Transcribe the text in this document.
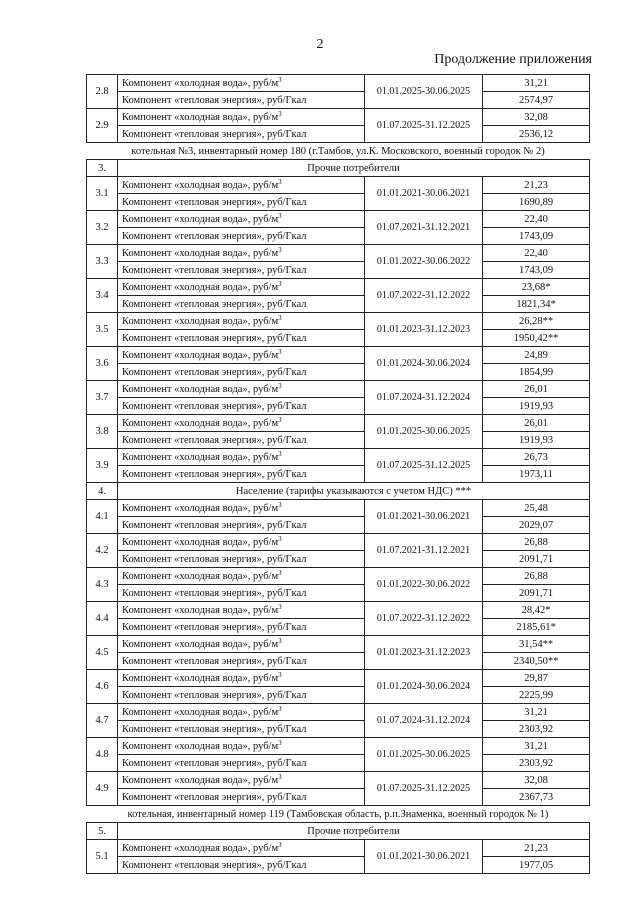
2
Продолжение приложения
2.8	Компонент «холодная вода», руб/$м^3$	01.01.2025-30.06.2025	31,21
	Компонент «тепловая энергия», руб/Гкал		2574,97
2.9	Компонент «холодная вода», руб/$м^3$	01.07.2025-31.12.2025	32,08
	Компонент «тепловая энергия», руб/Гкал		2536,12
котельная №3, инвентарный номер 180 (г.Тамбов, ул.К. Московского, военный городок № 2)			
3.	Прочие потребители		
3.1	Компонент «холодная вода», руб/$м^3$	01.01.2021-30.06.2021	21,23
	Компонент «тепловая энергия», руб/Гкал		1690,89
3.2	Компонент «холодная вода», руб/$м^3$	01.07.2021-31.12.2021	22,40
	Компонент «тепловая энергия», руб/Гкал		1743,09
3.3	Компонент «холодная вода», руб/$м^3$	01.01.2022-30.06.2022	22,40
	Компонент «тепловая энергия», руб/Гкал		1743,09
3.4	Компонент «холодная вода», руб/$м^3$	01.07.2022-31.12.2022	23,68*
	Компонент «тепловая энергия», руб/Гкал		1821,34*
3.5	Компонент «холодная вода», руб/$м^3$	01.01.2023-31.12.2023	26,28**
	Компонент «тепловая энергия», руб/Гкал		1950,42**
3.6	Компонент «холодная вода», руб/$м^3$	01.01.2024-30.06.2024	24,89
	Компонент «тепловая энергия», руб/Гкал		1854,99
3.7	Компонент «холодная вода», руб/$м^3$	01.07.2024-31.12.2024	26,01
	Компонент «тепловая энергия», руб/Гкал		1919,93
3.8	Компонент «холодная вода», руб/$м^3$	01.01.2025-30.06.2025	26,01
	Компонент «тепловая энергия», руб/Гкал		1919,93
3.9	Компонент «холодная вода», руб/$м^3$	01.07.2025-31.12.2025	26,73
	Компонент «тепловая энергия», руб/Гкал		1973,11
4.	Население (тарифы указываются с учетом НДС) ***		
4.1	Компонент «холодная вода», руб/$м^3$	01.01.2021-30.06.2021	25,48
	Компонент «тепловая энергия», руб/Гкал		2029,07
4.2	Компонент «холодная вода», руб/$м^3$	01.07.2021-31.12.2021	26,88
	Компонент «тепловая энергия», руб/Гкал		2091,71
4.3	Компонент «холодная вода», руб/$м^3$	01.01.2022-30.06.2022	26,88
	Компонент «тепловая энергия», руб/Гкал		2091,71
4.4	Компонент «холодная вода», руб/$м^3$	01.07.2022-31.12.2022	28,42*
	Компонент «тепловая энергия», руб/Гкал		2185,61*
4.5	Компонент «холодная вода», руб/$м^3$	01.01.2023-31.12.2023	31,54**
	Компонент «тепловая энергия», руб/Гкал		2340,50**
4.6	Компонент «холодная вода», руб/$м^3$	01.01.2024-30.06.2024	29,87
	Компонент «тепловая энергия», руб/Гкал		2225,99
4.7	Компонент «холодная вода», руб/$м^3$	01.07.2024-31.12.2024	31,21
	Компонент «тепловая энергия», руб/Гкал		2303,92
4.8	Компонент «холодная вода», руб/$м^3$	01.01.2025-30.06.2025	31,21
	Компонент «тепловая энергия», руб/Гкал		2303,92
4.9	Компонент «холодная вода», руб/$м^3$	01.07.2025-31.12.2025	32,08
	Компонент «тепловая энергия», руб/Гкал		2367,73
котельная, инвентарный номер 119 (Тамбовская область, р.п.Знаменка, военный городок № 1)			
5.	Прочие потребители		
5.1	Компонент «холодная вода», руб/$м^3$	01.01.2021-30.06.2021	21,23
	Компонент «тепловая энергия», руб/Гкал		1977,05
